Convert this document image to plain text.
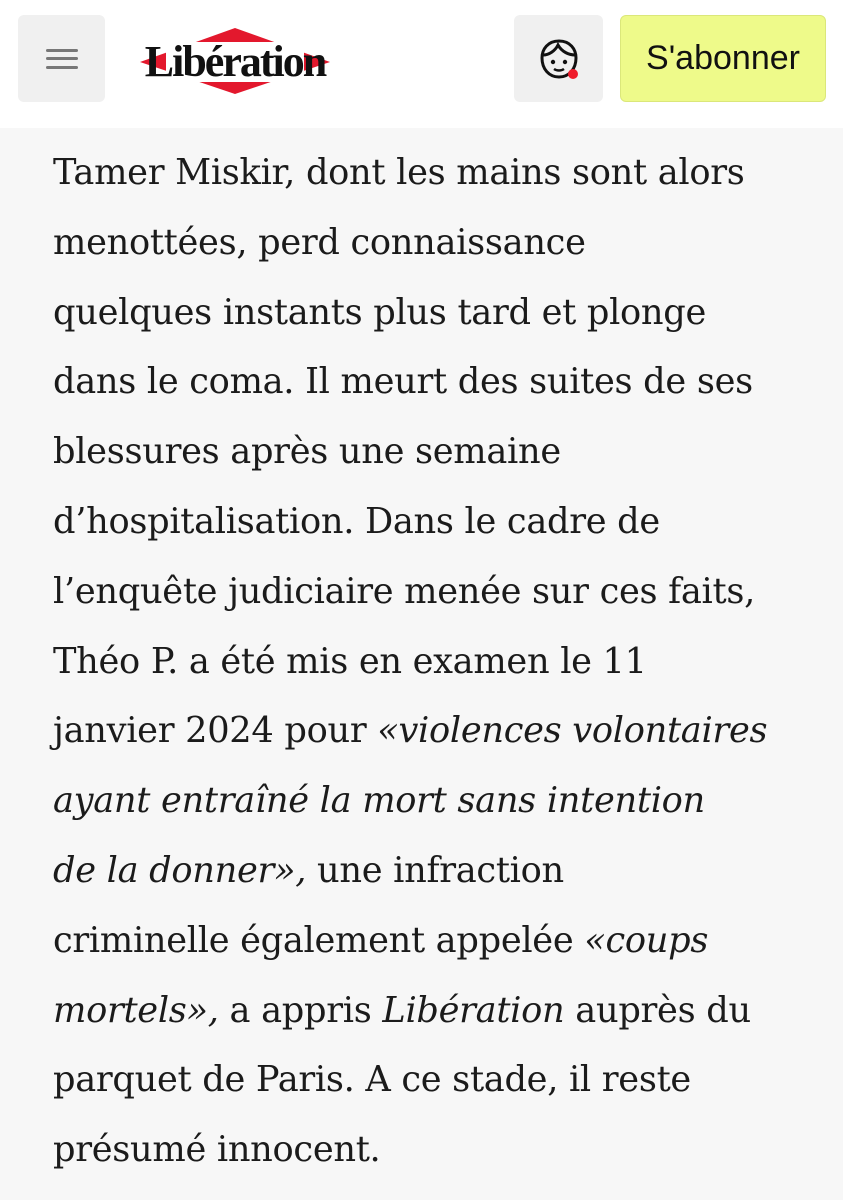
Libération	S'abonner
Tamer Miskir, dont les mains sont alors
menottées, perd connaissance
quelques instants plus tard et plonge
dans le coma. Il meurt des suites de ses
blessures après une semaine
d’hospitalisation. Dans le cadre de
l’enquête judiciaire menée sur ces faits,
Théo P. a été mis en examen le 11
janvier 2024 pour «violences volontaires
ayant entraîné la mort sans intention
de la donner», une infraction
criminelle également appelée «coups
mortels», a appris Libération auprès du
parquet de Paris. A ce stade, il reste
présumé innocent.
